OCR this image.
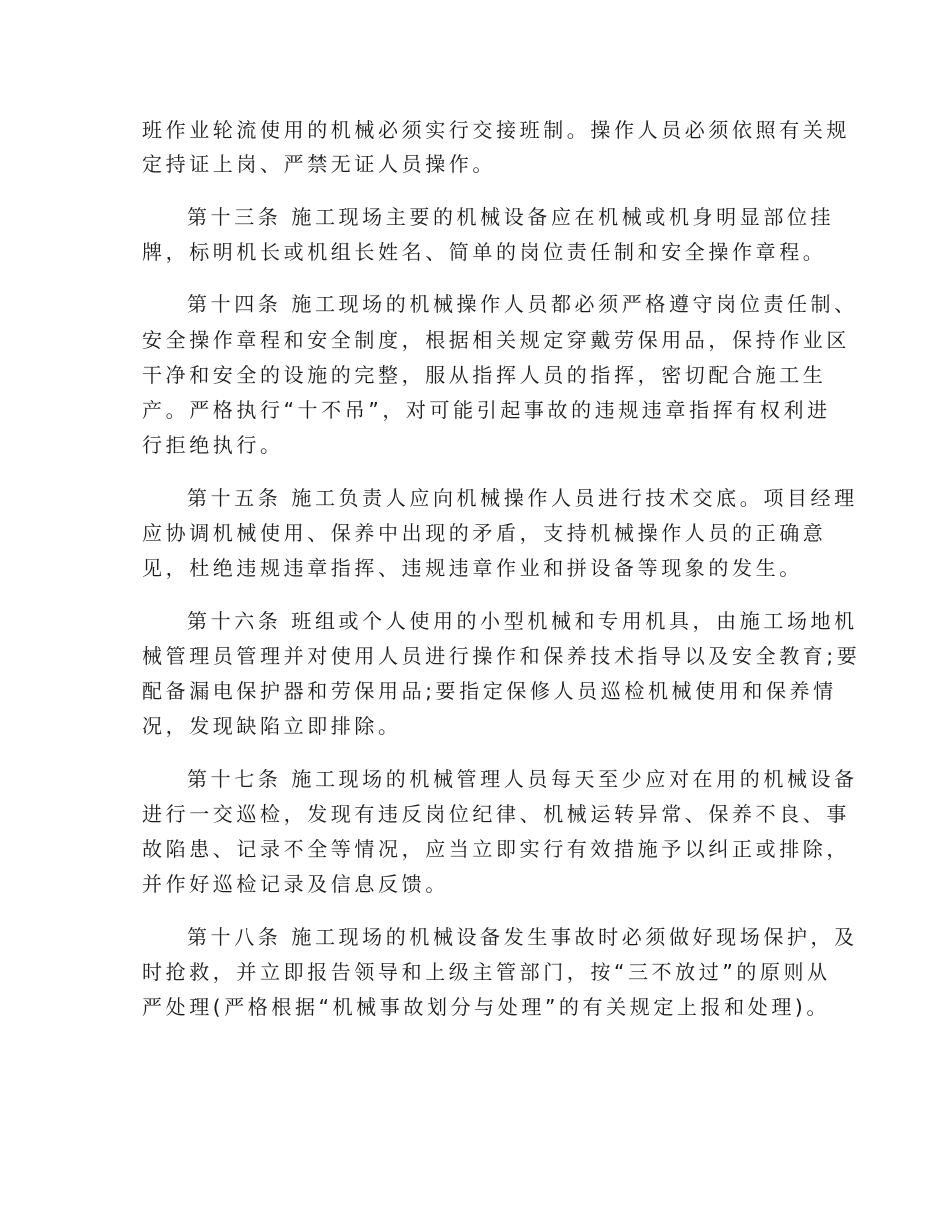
班作业轮流使用的机械必须实行交接班制。操作人员必须依照有关规
定持证上岗、严禁无证人员操作。
第十三条 施工现场主要的机械设备应在机械或机身明显部位挂
牌，标明机长或机组长姓名、简单的岗位责任制和安全操作章程。
第十四条 施工现场的机械操作人员都必须严格遵守岗位责任制、
安全操作章程和安全制度，根据相关规定穿戴劳保用品，保持作业区
干净和安全的设施的完整，服从指挥人员的指挥，密切配合施工生
产。严格执行“十不吊”，对可能引起事故的违规违章指挥有权利进
行拒绝执行。
第十五条 施工负责人应向机械操作人员进行技术交底。项目经理
应协调机械使用、保养中出现的矛盾，支持机械操作人员的正确意
见，杜绝违规违章指挥、违规违章作业和拼设备等现象的发生。
第十六条 班组或个人使用的小型机械和专用机具，由施工场地机
械管理员管理并对使用人员进行操作和保养技术指导以及安全教育;要
配备漏电保护器和劳保用品;要指定保修人员巡检机械使用和保养情
况，发现缺陷立即排除。
第十七条 施工现场的机械管理人员每天至少应对在用的机械设备
进行一交巡检，发现有违反岗位纪律、机械运转异常、保养不良、事
故陷患、记录不全等情况，应当立即实行有效措施予以纠正或排除，
并作好巡检记录及信息反馈。
第十八条 施工现场的机械设备发生事故时必须做好现场保护，及
时抢救，并立即报告领导和上级主管部门，按“三不放过”的原则从
严处理(严格根据“机械事故划分与处理”的有关规定上报和处理)。
